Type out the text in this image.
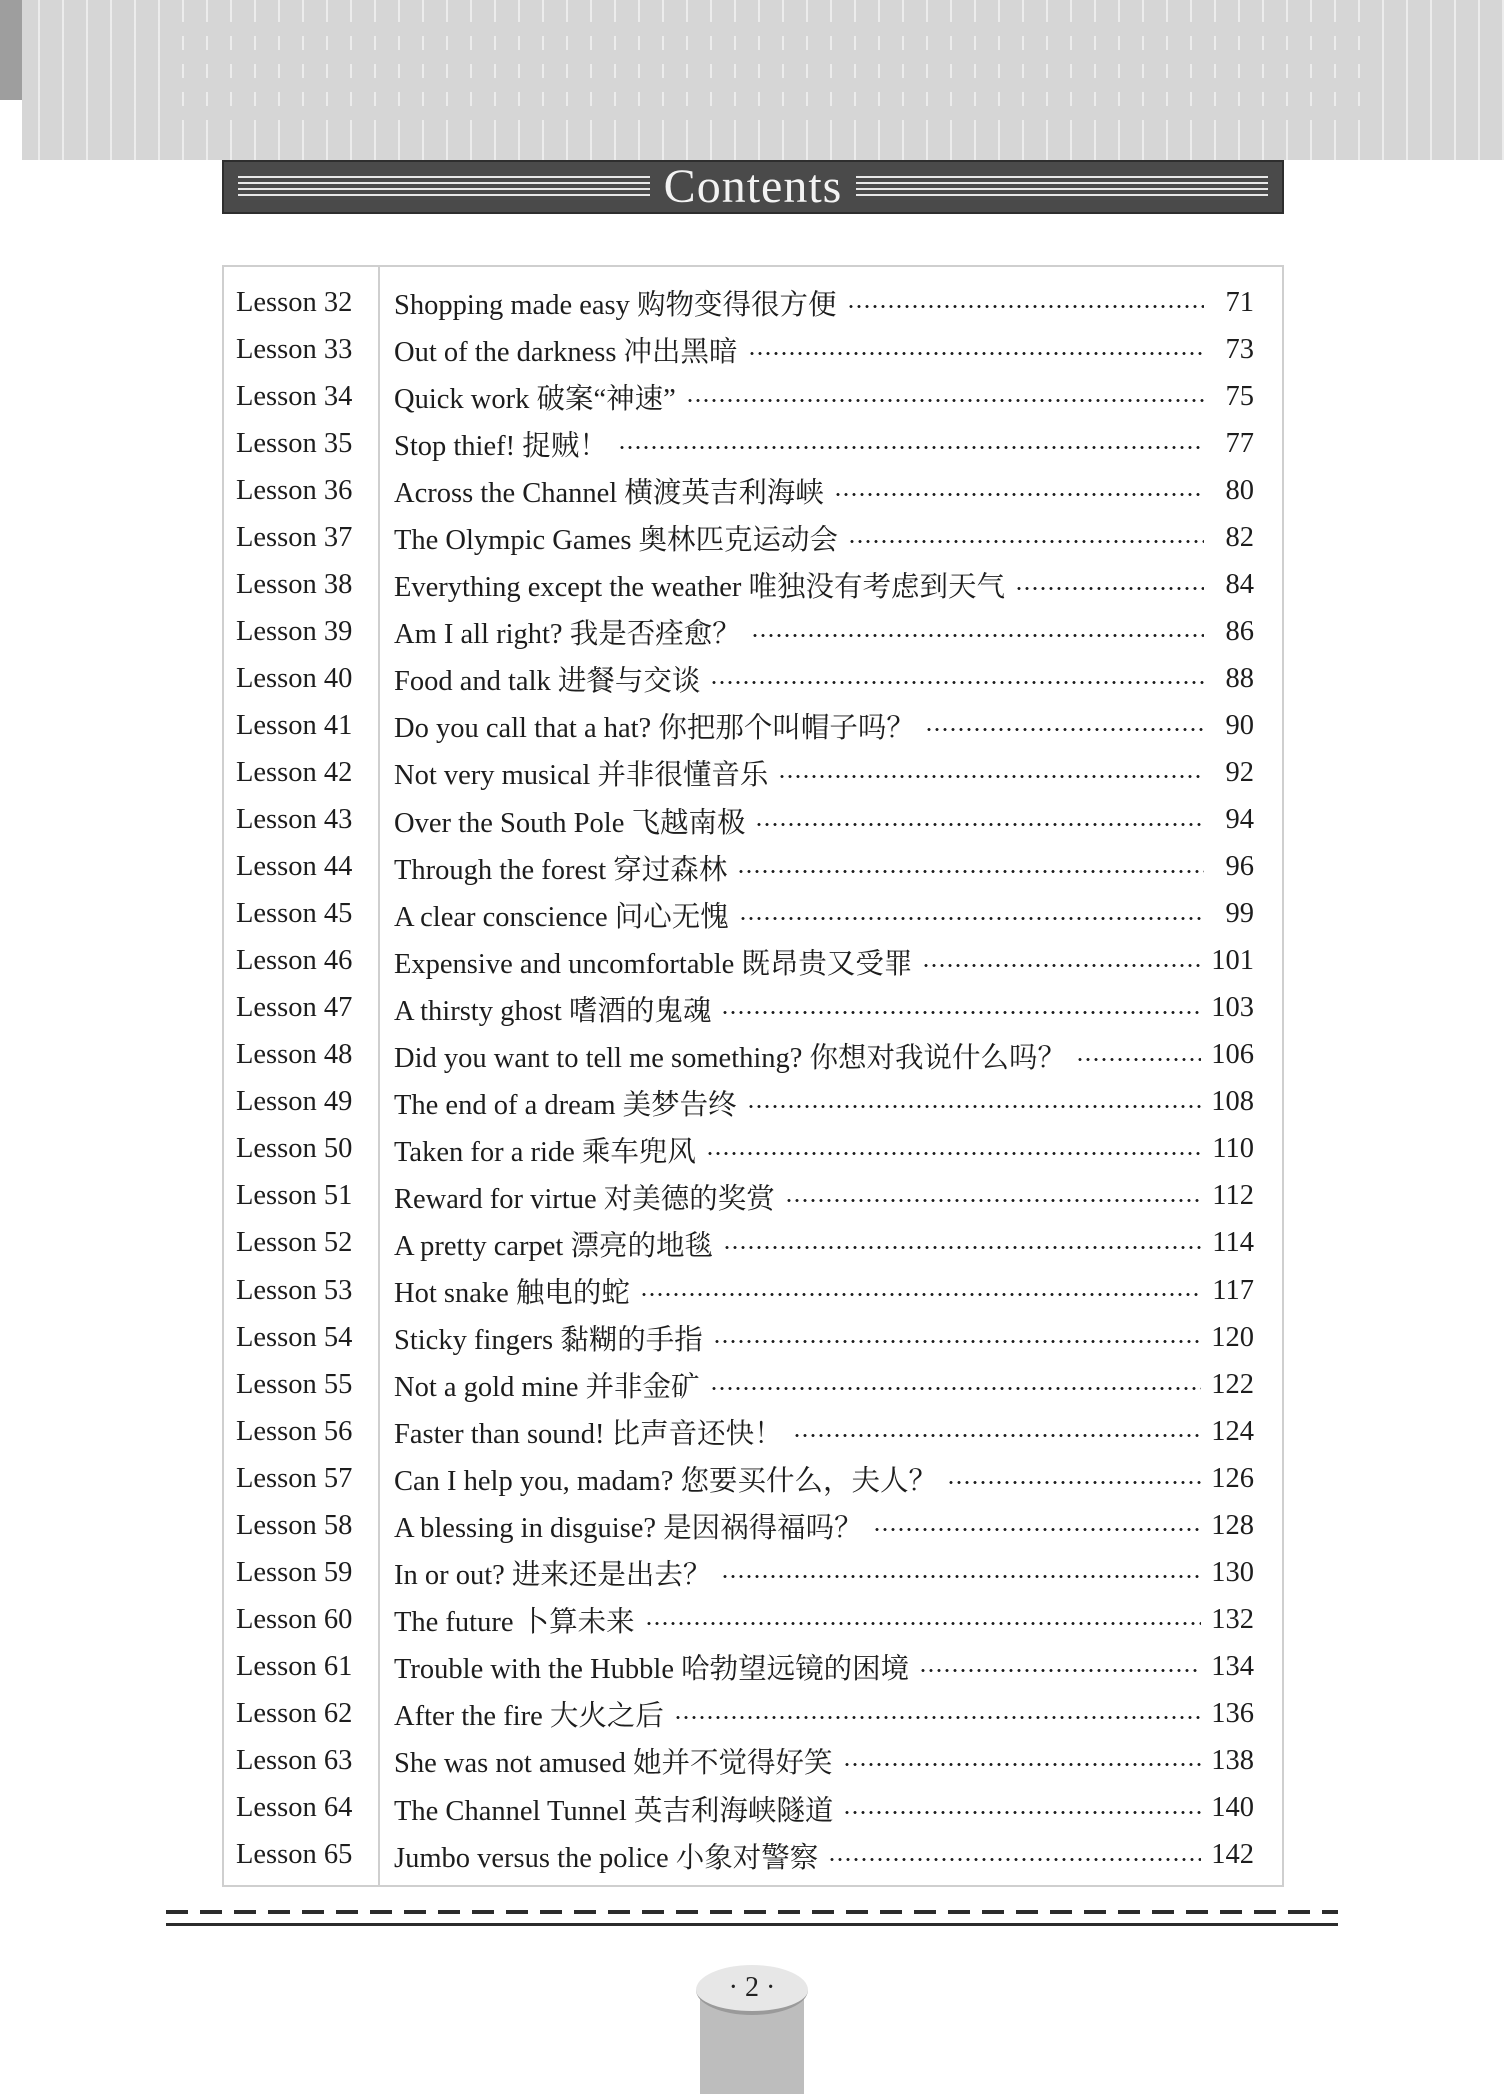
Contents
Lesson 32	Shopping made easy 购物变得很方便	71
Lesson 33	Out of the darkness 冲出黑暗	73
Lesson 34	Quick work 破案“神速”	75
Lesson 35	Stop thief! 捉贼！	77
Lesson 36	Across the Channel 横渡英吉利海峡	80
Lesson 37	The Olympic Games 奥林匹克运动会	82
Lesson 38	Everything except the weather 唯独没有考虑到天气	84
Lesson 39	Am I all right? 我是否痊愈？	86
Lesson 40	Food and talk 进餐与交谈	88
Lesson 41	Do you call that a hat? 你把那个叫帽子吗？	90
Lesson 42	Not very musical 并非很懂音乐	92
Lesson 43	Over the South Pole 飞越南极	94
Lesson 44	Through the forest 穿过森林	96
Lesson 45	A clear conscience 问心无愧	99
Lesson 46	Expensive and uncomfortable 既昂贵又受罪	101
Lesson 47	A thirsty ghost 嗜酒的鬼魂	103
Lesson 48	Did you want to tell me something? 你想对我说什么吗？	106
Lesson 49	The end of a dream 美梦告终	108
Lesson 50	Taken for a ride 乘车兜风	110
Lesson 51	Reward for virtue 对美德的奖赏	112
Lesson 52	A pretty carpet 漂亮的地毯	114
Lesson 53	Hot snake 触电的蛇	117
Lesson 54	Sticky fingers 黏糊的手指	120
Lesson 55	Not a gold mine 并非金矿	122
Lesson 56	Faster than sound! 比声音还快！	124
Lesson 57	Can I help you, madam? 您要买什么，夫人？	126
Lesson 58	A blessing in disguise? 是因祸得福吗？	128
Lesson 59	In or out? 进来还是出去？	130
Lesson 60	The future 卜算未来	132
Lesson 61	Trouble with the Hubble 哈勃望远镜的困境	134
Lesson 62	After the fire 大火之后	136
Lesson 63	She was not amused 她并不觉得好笑	138
Lesson 64	The Channel Tunnel 英吉利海峡隧道	140
Lesson 65	Jumbo versus the police 小象对警察	142
· 2 ·
